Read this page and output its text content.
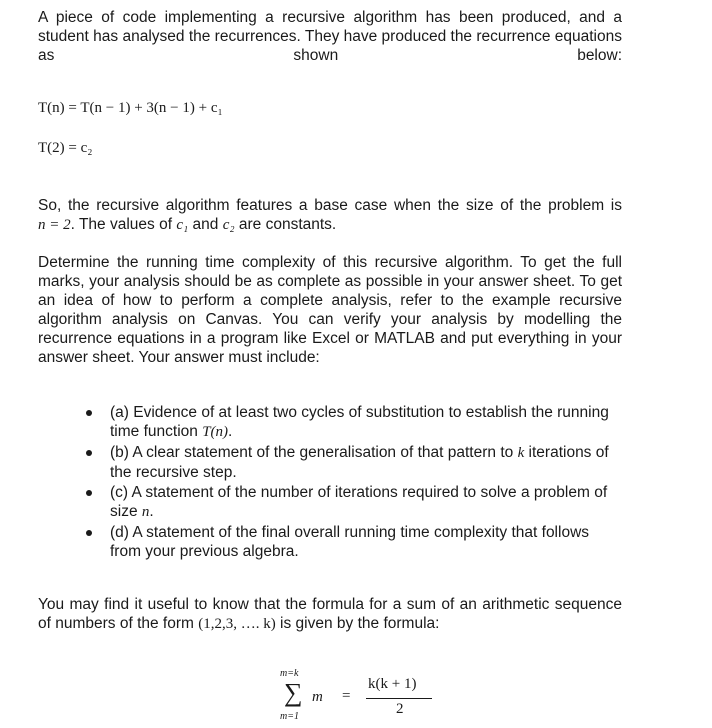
A piece of code implementing a recursive algorithm has been produced, and a student has analysed the recurrences. They have produced the recurrence equations as shown below:
T(n) = T(n − 1) + 3(n − 1) + c₁
T(2) = c₂
So, the recursive algorithm features a base case when the size of the problem is
n = 2. The values of c₁ and c₂ are constants.
Determine the running time complexity of this recursive algorithm. To get the full marks, your analysis should be as complete as possible in your answer sheet. To get an idea of how to perform a complete analysis, refer to the example recursive algorithm analysis on Canvas. You can verify your analysis by modelling the recurrence equations in a program like Excel or MATLAB and put everything in your answer sheet. Your answer must include:
(a) Evidence of at least two cycles of substitution to establish the running time function T(n).
(b) A clear statement of the generalisation of that pattern to k iterations of the recursive step.
(c) A statement of the number of iterations required to solve a problem of size n.
(d) A statement of the final overall running time complexity that follows from your previous algebra.
You may find it useful to know that the formula for a sum of an arithmetic sequence of numbers of the form (1,2,3, …. k) is given by the formula:
m=k
∑
m=1
m =
k(k + 1)
2
